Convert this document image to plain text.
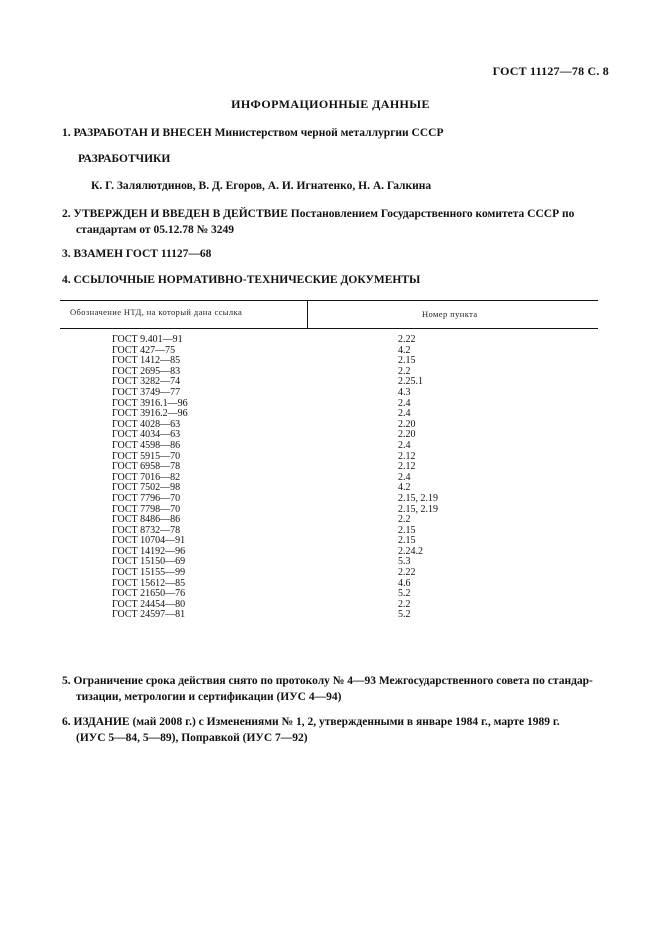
ГОСТ 11127—78 С. 8
ИНФОРМАЦИОННЫЕ ДАННЫЕ
1. РАЗРАБОТАН И ВНЕСЕН Министерством черной металлургии СССР
РАЗРАБОТЧИКИ
К. Г. Залялютдинов, В. Д. Егоров, А. И. Игнатенко, Н. А. Галкина
2. УТВЕРЖДЕН И ВВЕДЕН В ДЕЙСТВИЕ Постановлением Государственного комитета СССР по
стандартам от 05.12.78 № 3249
3. ВЗАМЕН ГОСТ 11127—68
4. ССЫЛОЧНЫЕ НОРМАТИВНО-ТЕХНИЧЕСКИЕ ДОКУМЕНТЫ
Обозначение НТД, на который дана ссылка	Номер пункта
ГОСТ 9.401—91	2.22
ГОСТ 427—75	4.2
ГОСТ 1412—85	2.15
ГОСТ 2695—83	2.2
ГОСТ 3282—74	2.25.1
ГОСТ 3749—77	4.3
ГОСТ 3916.1—96	2.4
ГОСТ 3916.2—96	2.4
ГОСТ 4028—63	2.20
ГОСТ 4034—63	2.20
ГОСТ 4598—86	2.4
ГОСТ 5915—70	2.12
ГОСТ 6958—78	2.12
ГОСТ 7016—82	2.4
ГОСТ 7502—98	4.2
ГОСТ 7796—70	2.15, 2.19
ГОСТ 7798—70	2.15, 2.19
ГОСТ 8486—86	2.2
ГОСТ 8732—78	2.15
ГОСТ 10704—91	2.15
ГОСТ 14192—96	2.24.2
ГОСТ 15150—69	5.3
ГОСТ 15155—99	2.22
ГОСТ 15612—85	4.6
ГОСТ 21650—76	5.2
ГОСТ 24454—80	2.2
ГОСТ 24597—81	5.2
5. Ограничение срока действия снято по протоколу № 4—93 Межгосударственного совета по стандар-
тизации, метрологии и сертификации (ИУС 4—94)
6. ИЗДАНИЕ (май 2008 г.) с Изменениями № 1, 2, утвержденными в январе 1984 г., марте 1989 г.
(ИУС 5—84, 5—89), Поправкой (ИУС 7—92)
